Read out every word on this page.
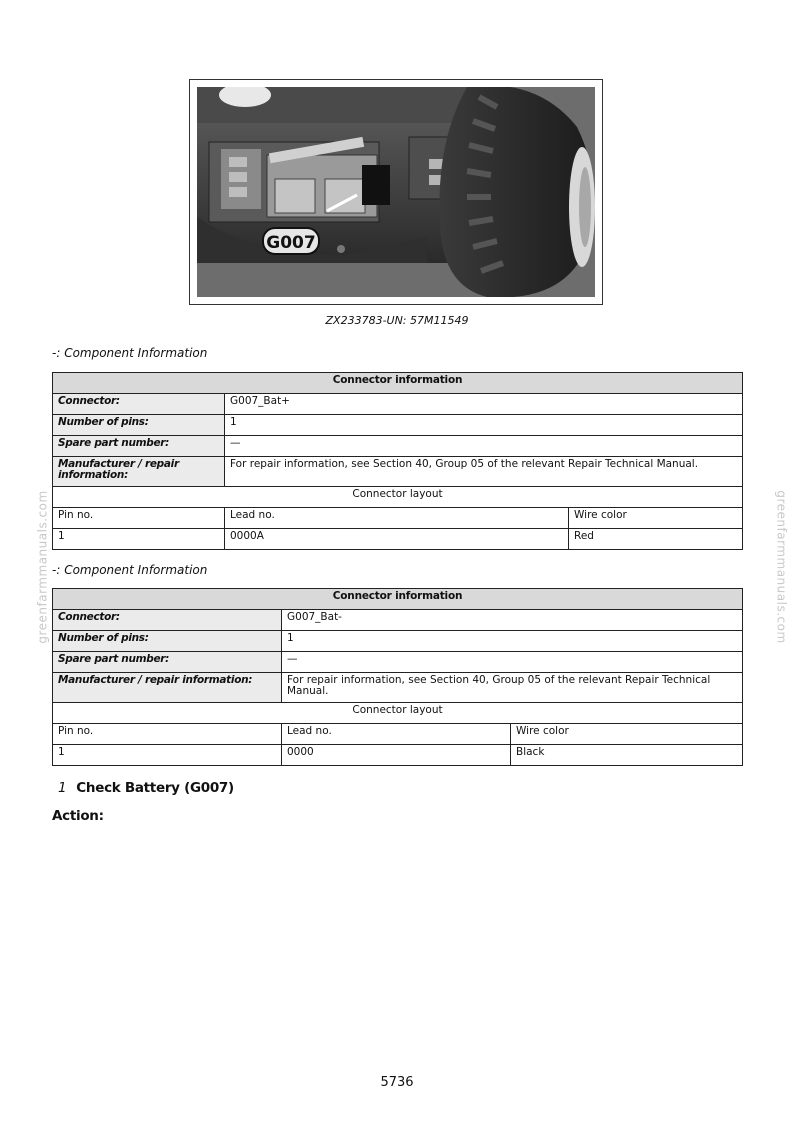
greenfarmmanuals.com	greenfarmmanuals.com
G007
ZX233783-UN: 57M11549
-: Component Information
Connector information		
Connector:	G007_Bat+	
Number of pins:	1	
Spare part number:	—	
Manufacturer / repair information:	For repair information, see Section 40, Group 05 of the relevant Repair Technical Manual.	
Connector layout		
Pin no.	Lead no.	Wire color
1	0000A	Red
-: Component Information
Connector information		
Connector:	G007_Bat-	
Number of pins:	1	
Spare part number:	—	
Manufacturer / repair information:	For repair information, see Section 40, Group 05 of the relevant Repair Technical Manual.	
Connector layout		
Pin no.	Lead no.	Wire color
1	0000	Black
1 Check Battery (G007)
Action:
5736
